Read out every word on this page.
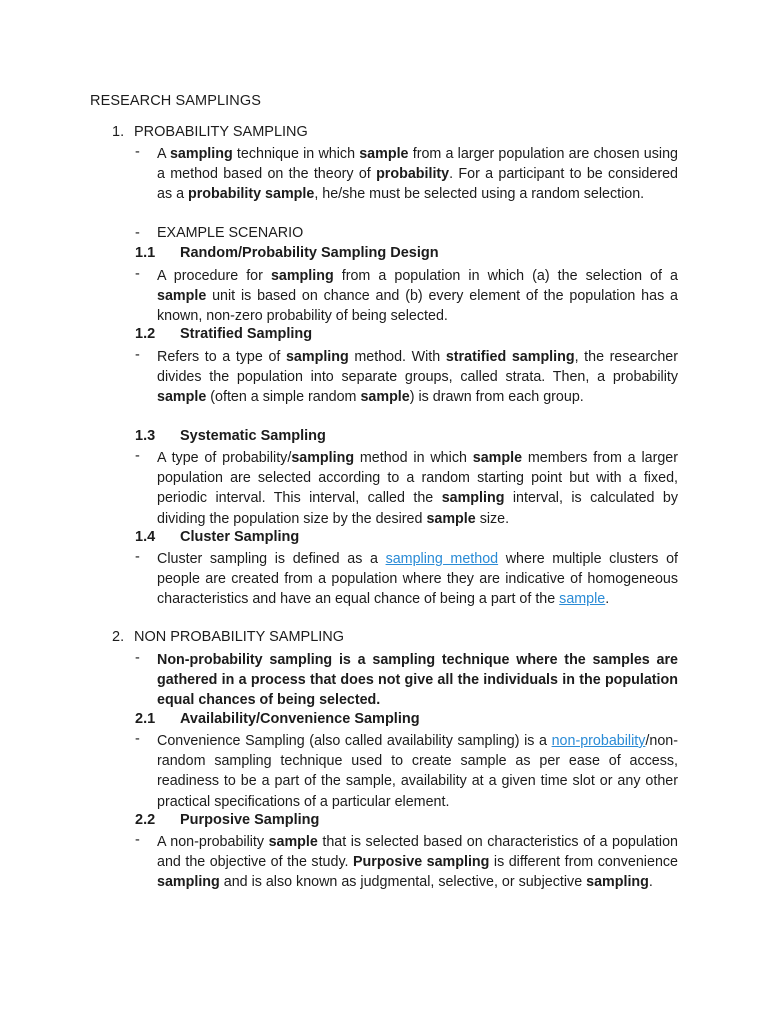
RESEARCH SAMPLINGS
1. PROBABILITY SAMPLING
- A sampling technique in which sample from a larger population are chosen using a method based on the theory of probability. For a participant to be considered as a probability sample, he/she must be selected using a random selection.
- EXAMPLE SCENARIO
1.1 Random/Probability Sampling Design
- A procedure for sampling from a population in which (a) the selection of a sample unit is based on chance and (b) every element of the population has a known, non-zero probability of being selected.
1.2 Stratified Sampling
- Refers to a type of sampling method. With stratified sampling, the researcher divides the population into separate groups, called strata. Then, a probability sample (often a simple random sample) is drawn from each group.
1.3 Systematic Sampling
- A type of probability/sampling method in which sample members from a larger population are selected according to a random starting point but with a fixed, periodic interval. This interval, called the sampling interval, is calculated by dividing the population size by the desired sample size.
1.4 Cluster Sampling
- Cluster sampling is defined as a sampling method where multiple clusters of people are created from a population where they are indicative of homogeneous characteristics and have an equal chance of being a part of the sample.
2. NON PROBABILITY SAMPLING
- Non-probability sampling is a sampling technique where the samples are gathered in a process that does not give all the individuals in the population equal chances of being selected.
2.1 Availability/Convenience Sampling
- Convenience Sampling (also called availability sampling) is a non-probability/non-random sampling technique used to create sample as per ease of access, readiness to be a part of the sample, availability at a given time slot or any other practical specifications of a particular element.
2.2 Purposive Sampling
- A non-probability sample that is selected based on characteristics of a population and the objective of the study. Purposive sampling is different from convenience sampling and is also known as judgmental, selective, or subjective sampling.
